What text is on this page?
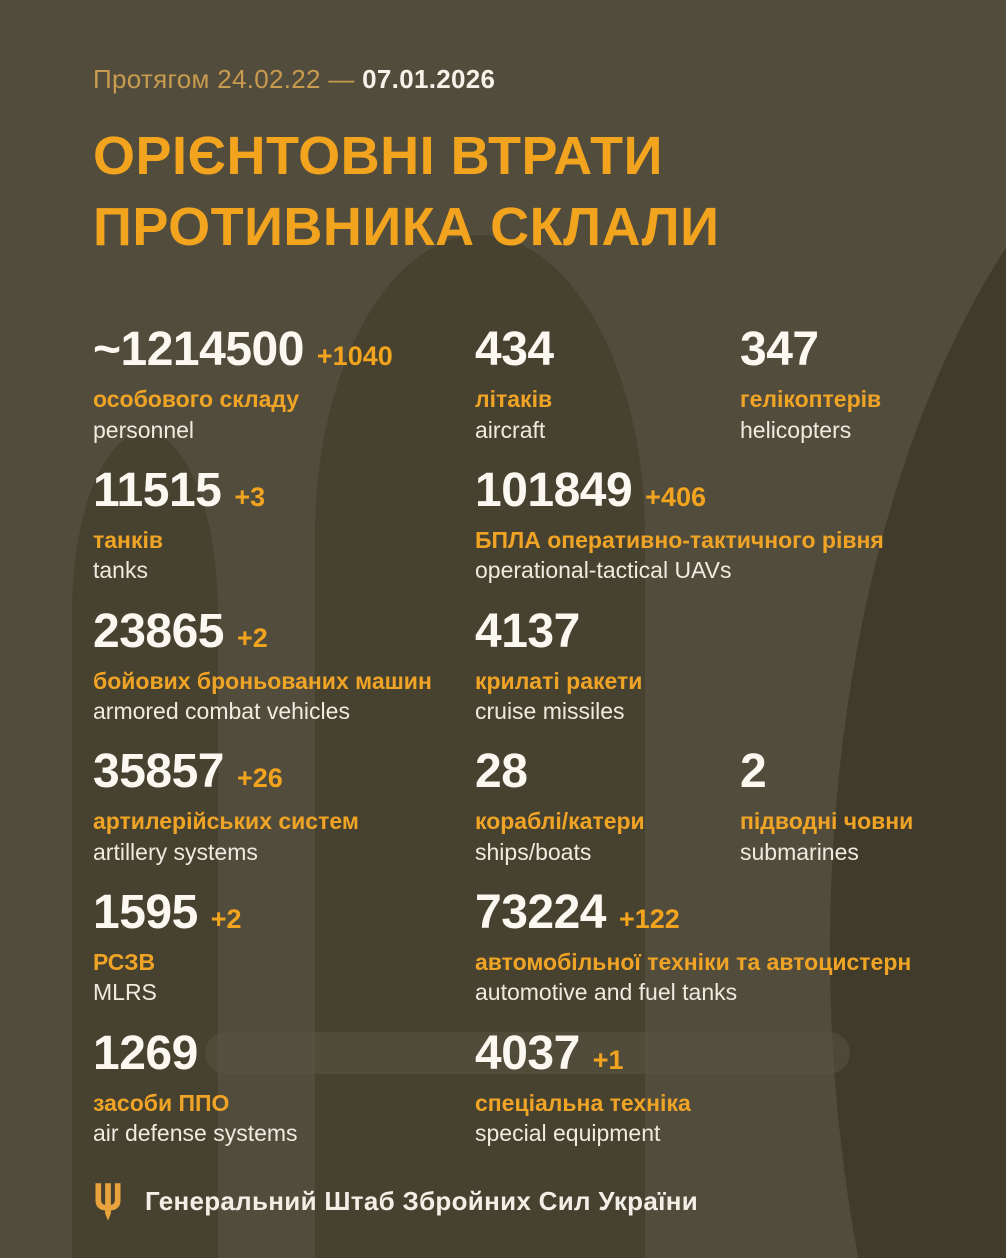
Протягом 24.02.22 — 07.01.2026
ОРІЄНТОВНІ ВТРАТИ
ПРОТИВНИКА СКЛАЛИ
~1214500 +1040
особового складу
personnel
434
літаків
aircraft
347
гелікоптерів
helicopters
11515 +3
танків
tanks
101849 +406
БПЛА оперативно-тактичного рівня
operational-tactical UAVs
23865 +2
бойових броньованих машин
armored combat vehicles
4137
крилаті ракети
cruise missiles
35857 +26
артилерійських систем
artillery systems
28
кораблі/катери
ships/boats
2
підводні човни
submarines
1595 +2
РСЗВ
MLRS
73224 +122
автомобільної техніки та автоцистерн
automotive and fuel tanks
1269
засоби ППО
air defense systems
4037 +1
спеціальна техніка
special equipment
Генеральний Штаб Збройних Сил України
